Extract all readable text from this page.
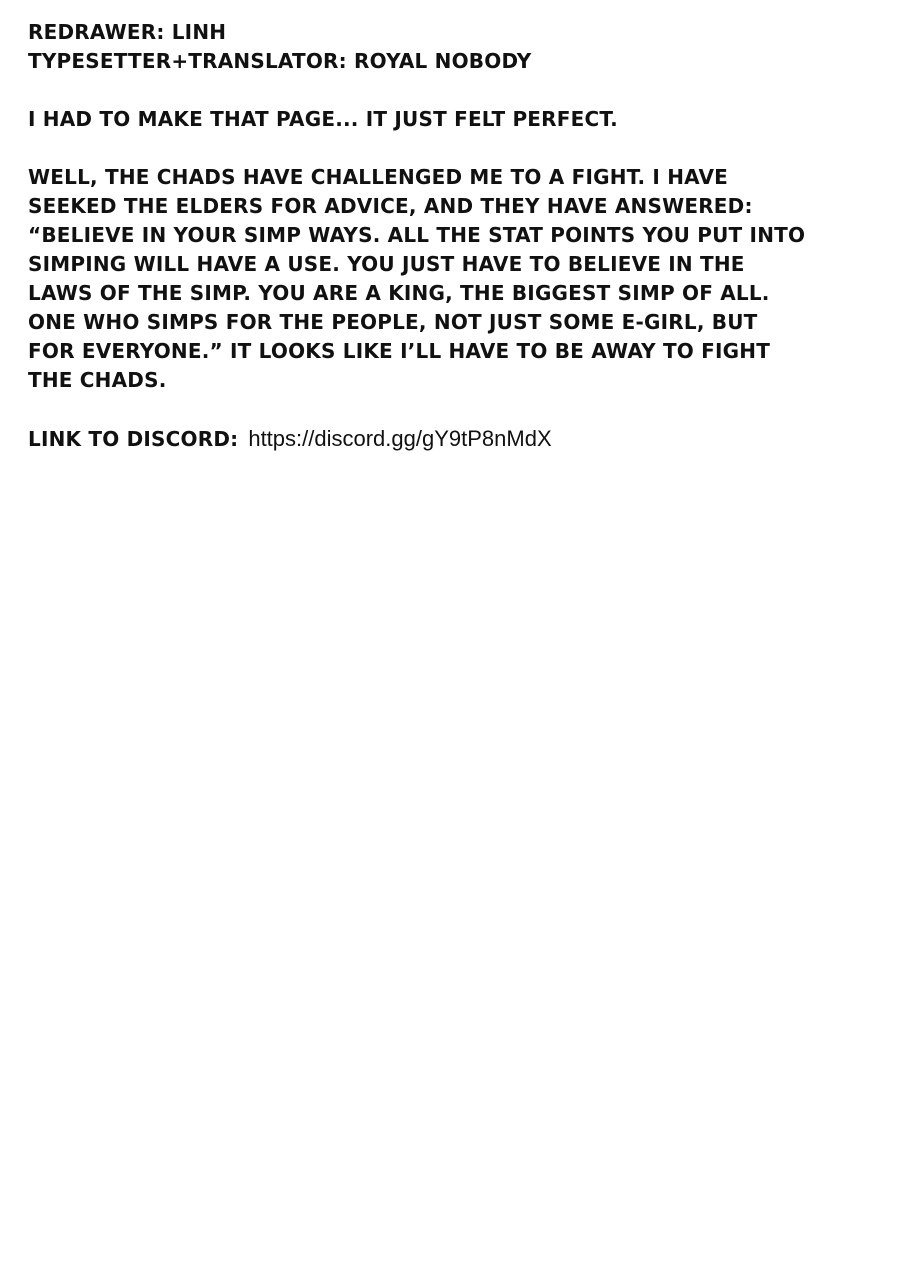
REDRAWER: LINH
TYPESETTER+TRANSLATOR: ROYAL NOBODY
I HAD TO MAKE THAT PAGE... IT JUST FELT PERFECT.

WELL, THE CHADS HAVE CHALLENGED ME TO A FIGHT. I HAVE

SEEKED THE ELDERS FOR ADVICE, AND THEY HAVE ANSWERED:

“BELIEVE IN YOUR SIMP WAYS. ALL THE STAT POINTS YOU PUT INTO

SIMPING WILL HAVE A USE. YOU JUST HAVE TO BELIEVE IN THE

LAWS OF THE SIMP. YOU ARE A KING, THE BIGGEST SIMP OF ALL.

ONE WHO SIMPS FOR THE PEOPLE, NOT JUST SOME E-GIRL, BUT

FOR EVERYONE.” IT LOOKS LIKE I’LL HAVE TO BE AWAY TO FIGHT

THE CHADS.

LINK TO DISCORD: https://discord.gg/gY9tP8nMdX
